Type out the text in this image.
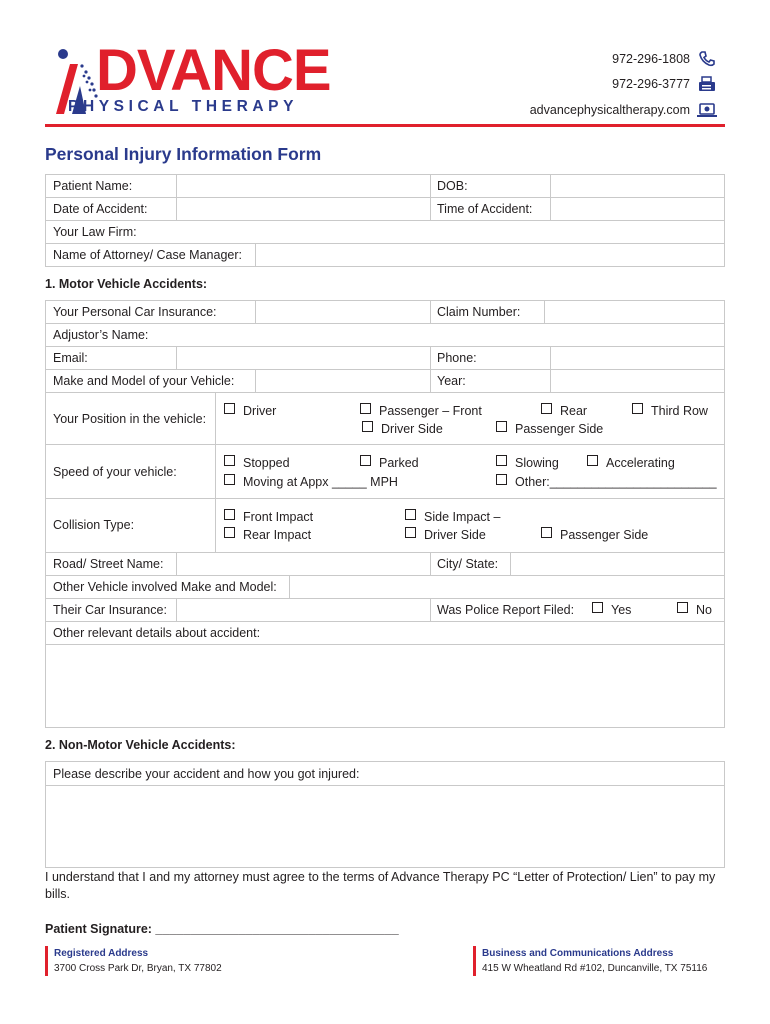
DVANCE
PHYSICAL THERAPY
972-296-1808
972-296-3777
advancephysicaltherapy.com
Personal Injury Information Form
Patient Name:	DOB:
Date of Accident:	Time of Accident:
Your Law Firm:
Name of Attorney/ Case Manager:
1. Motor Vehicle Accidents:
Your Personal Car Insurance:	Claim Number:
Adjustor’s Name:
Email:	Phone:
Make and Model of your Vehicle:	Year:
Your Position in the vehicle:
Driver	Passenger – Front	Rear	Third Row
Driver Side	Passenger Side
Speed of your vehicle:
Stopped	Parked	Slowing	Accelerating
Moving at Appx _____ MPH	Other:________________________
Collision Type:
Front Impact	Side Impact –
Rear Impact	Driver Side	Passenger Side
Road/ Street Name:	City/ State:
Other Vehicle involved Make and Model:
Their Car Insurance:	Was Police Report Filed:	Yes	No
Other relevant details about accident:
2. Non-Motor Vehicle Accidents:
Please describe your accident and how you got injured:
I understand that I and my attorney must agree to the terms of Advance Therapy PC “Letter of Protection/ Lien” to pay my bills.
Patient Signature: ___________________________________
Registered Address
3700 Cross Park Dr, Bryan, TX 77802
Business and Communications Address
415 W Wheatland Rd #102, Duncanville, TX 75116
